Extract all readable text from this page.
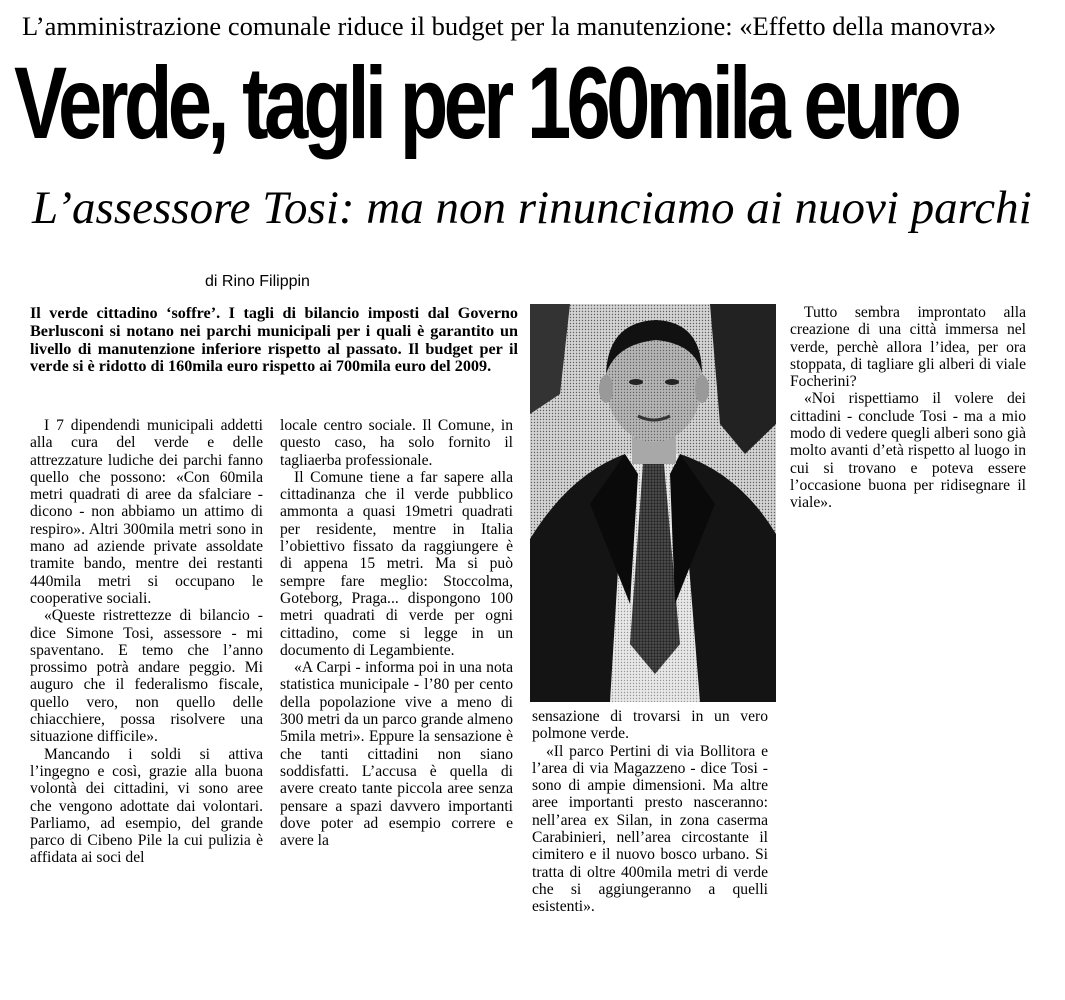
L’amministrazione comunale riduce il budget per la manutenzione: «Effetto della manovra»
Verde, tagli per 160mila euro
L’assessore Tosi: ma non rinunciamo ai nuovi parchi
di Rino Filippin
Il verde cittadino ‘soffre’. I tagli di bilancio imposti dal Governo Berlusconi si notano nei parchi municipali per i quali è garantito un livello di manutenzione inferiore rispetto al passato. Il budget per il verde si è ridotto di 160mila euro rispetto ai 700mila euro del 2009.

I 7 dipendendi municipali addetti alla cura del verde e delle attrezzature ludiche dei parchi fanno quello che possono: «Con 60mila metri quadrati di aree da sfalciare - dicono - non abbiamo un attimo di respiro». Altri 300mila metri sono in mano ad aziende private assoldate tramite bando, mentre dei restanti 440mila metri si occupano le cooperative sociali.

«Queste ristrettezze di bilancio - dice Simone Tosi, assessore - mi spaventano. E temo che l’anno prossimo potrà andare peggio. Mi auguro che il federalismo fiscale, quello vero, non quello delle chiacchiere, possa risolvere una situazione difficile».

Mancando i soldi si attiva l’ingegno e così, grazie alla buona volontà dei cittadini, vi sono aree che vengono adottate dai volontari. Parliamo, ad esempio, del grande parco di Cibeno Pile la cui pulizia è affidata ai soci del

locale centro sociale. Il Comune, in questo caso, ha solo fornito il tagliaerba professionale.

Il Comune tiene a far sapere alla cittadinanza che il verde pubblico ammonta a quasi 19metri quadrati per residente, mentre in Italia l’obiettivo fissato da raggiungere è di appena 15 metri. Ma si può sempre fare meglio: Stoccolma, Goteborg, Praga... dispongono 100 metri quadrati di verde per ogni cittadino, come si legge in un documento di Legambiente.

«A Carpi - informa poi in una nota statistica municipale - l’80 per cento della popolazione vive a meno di 300 metri da un parco grande almeno 5mila metri». Eppure la sensazione è che tanti cittadini non siano soddisfatti. L’accusa è quella di avere creato tante piccola aree senza pensare a spazi davvero importanti dove poter ad esempio correre e avere la

sensazione di trovarsi in un vero polmone verde.

«Il parco Pertini di via Bollitora e l’area di via Magazzeno - dice Tosi - sono di ampie dimensioni. Ma altre aree importanti presto nasceranno: nell’area ex Silan, in zona caserma Carabinieri, nell’area circostante il cimitero e il nuovo bosco urbano. Si tratta di oltre 400mila metri di verde che si aggiungeranno a quelli esistenti».

Tutto sembra improntato alla creazione di una città immersa nel verde, perchè allora l’idea, per ora stoppata, di tagliare gli alberi di viale Focherini?

«Noi rispettiamo il volere dei cittadini - conclude Tosi - ma a mio modo di vedere quegli alberi sono già molto avanti d’età rispetto al luogo in cui si trovano e poteva essere l’occasione buona per ridisegnare il viale».
